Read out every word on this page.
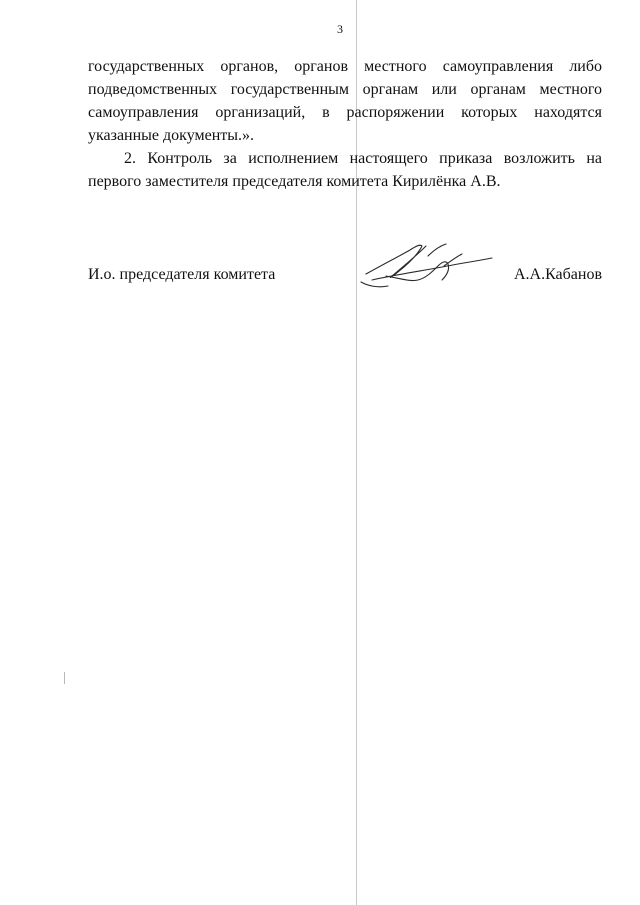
3

государственных органов, органов местного самоуправления либо подведомственных государственным органам или органам местного самоуправления организаций, в распоряжении которых находятся указанные документы.».

2. Контроль за исполнением настоящего приказа возложить на первого заместителя председателя комитета Кирилёнка А.В.

И.о. председателя комитета	А.А.Кабанов
